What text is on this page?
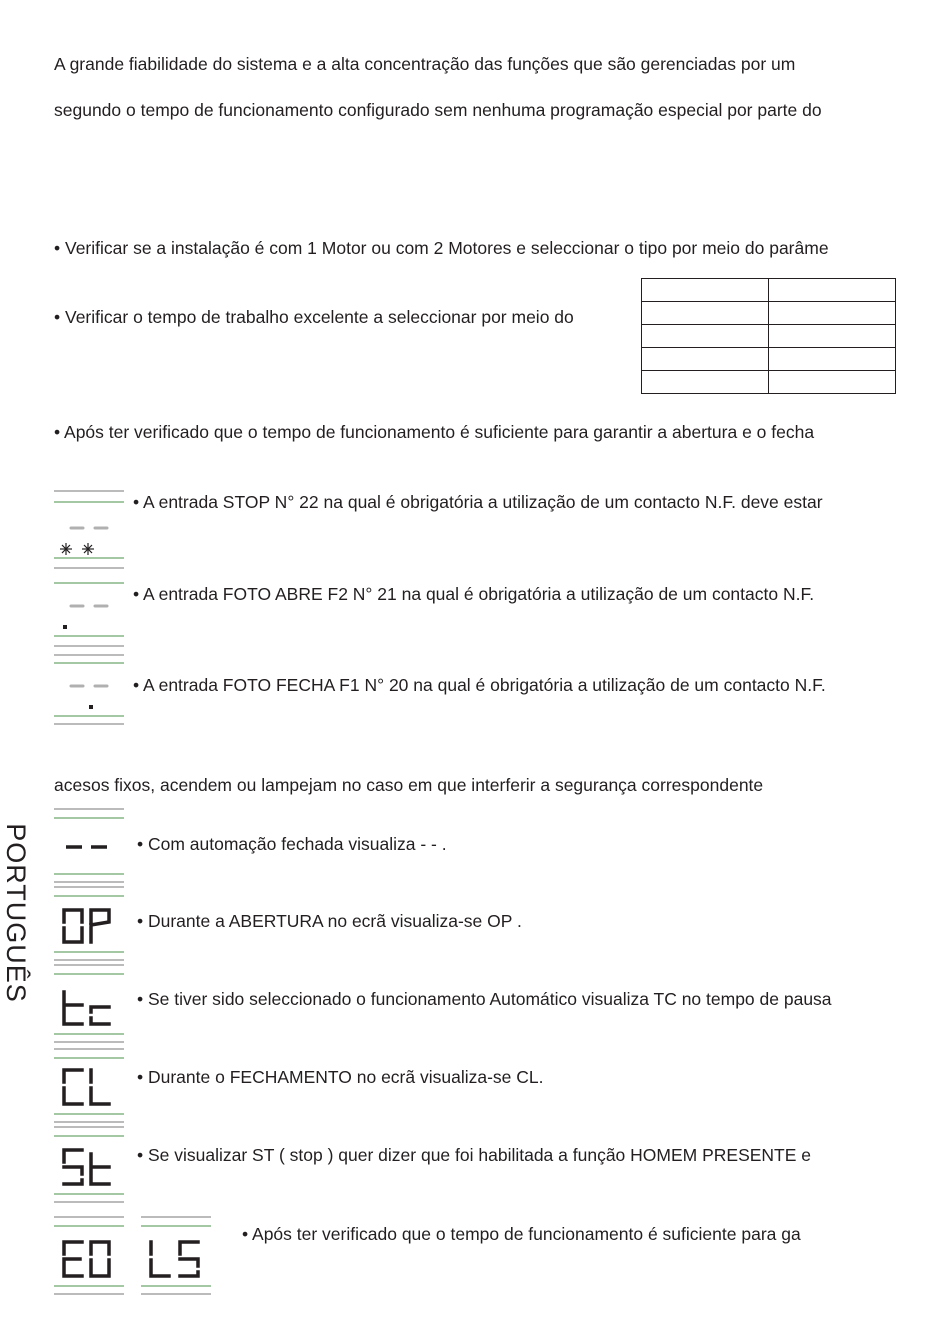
PORTUGUÊS
A grande fiabilidade do sistema e a alta concentração das funções que são gerenciadas por um
segundo o tempo de funcionamento configurado sem nenhuma programação especial por parte do
• Verificar se a instalação é com 1 Motor ou com 2 Motores e seleccionar o tipo por meio do parâme
• Verificar o tempo de trabalho excelente a seleccionar por meio do

• Após ter verificado que o tempo de funcionamento é suficiente para garantir a abertura e o fecha
• A entrada STOP N° 22 na qual é obrigatória a utilização de um contacto N.F. deve estar
• A entrada FOTO ABRE F2 N° 21 na qual é obrigatória a utilização de um contacto N.F.
• A entrada FOTO FECHA F1 N° 20 na qual é obrigatória a utilização de um contacto N.F.
acesos fixos, acendem ou lampejam no caso em que interferir a segurança correspondente
• Com automação fechada visualiza - - .
• Durante a ABERTURA no ecrã visualiza-se OP .
• Se tiver sido seleccionado o funcionamento Automático visualiza TC no tempo de pausa
• Durante o FECHAMENTO no ecrã visualiza-se CL.
• Se visualizar ST ( stop ) quer dizer que foi habilitada a função HOMEM PRESENTE e
• Após ter verificado que o tempo de funcionamento é suficiente para ga
